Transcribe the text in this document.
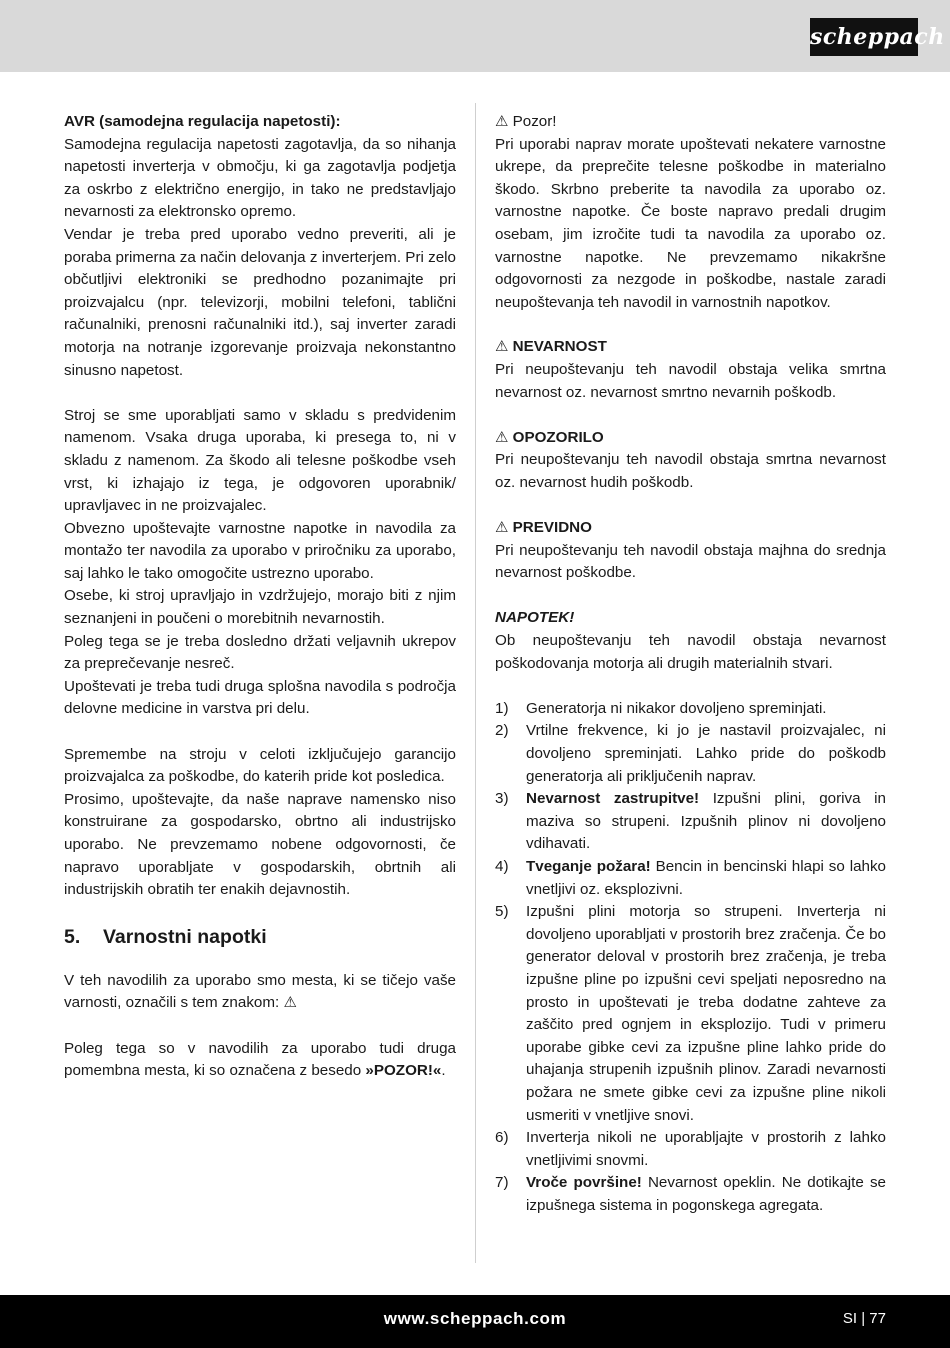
scheppach
AVR (samodejna regulacija napetosti):
Samodejna regulacija napetosti zagotavlja, da so nihanja napetosti inverterja v območju, ki ga zagotavlja podjetja za oskrbo z električno energijo, in tako ne predstavljajo nevarnosti za elektronsko opremo.
Vendar je treba pred uporabo vedno preveriti, ali je poraba primerna za način delovanja z inverterjem. Pri zelo občutljivi elektroniki se predhodno pozanimajte pri proizvajalcu (npr. televizorji, mobilni telefoni, tablični računalniki, prenosni računalniki itd.), saj inverter zaradi motorja na notranje izgorevanje proizvaja nekonstantno sinusno napetost.
Stroj se sme uporabljati samo v skladu s predvidenim namenom. Vsaka druga uporaba, ki presega to, ni v skladu z namenom. Za škodo ali telesne poškodbe vseh vrst, ki izhajajo iz tega, je odgovoren uporabnik/ upravljavec in ne proizvajalec.
Obvezno upoštevajte varnostne napotke in navodila za montažo ter navodila za uporabo v priročniku za uporabo, saj lahko le tako omogočite ustrezno uporabo.
Osebe, ki stroj upravljajo in vzdržujejo, morajo biti z njim seznanjeni in poučeni o morebitnih nevarnostih.
Poleg tega se je treba dosledno držati veljavnih ukrepov za preprečevanje nesreč.
Upoštevati je treba tudi druga splošna navodila s področja delovne medicine in varstva pri delu.
Spremembe na stroju v celoti izključujejo garancijo proizvajalca za poškodbe, do katerih pride kot posledica.
Prosimo, upoštevajte, da naše naprave namensko niso konstruirane za gospodarsko, obrtno ali industrijsko uporabo. Ne prevzemamo nobene odgovornosti, če napravo uporabljate v gospodarskih, obrtnih ali industrijskih obratih ter enakih dejavnostih.
5.	Varnostni napotki
V teh navodilih za uporabo smo mesta, ki se tičejo vaše varnosti, označili s tem znakom: ⚠
Poleg tega so v navodilih za uporabo tudi druga pomembna mesta, ki so označena z besedo »POZOR!«.
⚠ Pozor!
Pri uporabi naprav morate upoštevati nekatere varnostne ukrepe, da preprečite telesne poškodbe in materialno škodo. Skrbno preberite ta navodila za uporabo oz. varnostne napotke. Če boste napravo predali drugim osebam, jim izročite tudi ta navodila za uporabo oz. varnostne napotke. Ne prevzemamo nikakršne odgovornosti za nezgode in poškodbe, nastale zaradi neupoštevanja teh navodil in varnostnih napotkov.
⚠ NEVARNOST
Pri neupoštevanju teh navodil obstaja velika smrtna nevarnost oz. nevarnost smrtno nevarnih poškodb.
⚠ OPOZORILO
Pri neupoštevanju teh navodil obstaja smrtna nevarnost oz. nevarnost hudih poškodb.
⚠ PREVIDNO
Pri neupoštevanju teh navodil obstaja majhna do srednja nevarnost poškodbe.
NAPOTEK!
Ob neupoštevanju teh navodil obstaja nevarnost poškodovanja motorja ali drugih materialnih stvari.
1)	Generatorja ni nikakor dovoljeno spreminjati.
2)	Vrtilne frekvence, ki jo je nastavil proizvajalec, ni dovoljeno spreminjati. Lahko pride do poškodb generatorja ali priključenih naprav.
3)	Nevarnost zastrupitve! Izpušni plini, goriva in maziva so strupeni. Izpušnih plinov ni dovoljeno vdihavati.
4)	Tveganje požara! Bencin in bencinski hlapi so lahko vnetljivi oz. eksplozivni.
5)	Izpušni plini motorja so strupeni. Inverterja ni dovoljeno uporabljati v prostorih brez zračenja. Če bo generator deloval v prostorih brez zračenja, je treba izpušne pline po izpušni cevi speljati neposredno na prosto in upoštevati je treba dodatne zahteve za zaščito pred ognjem in eksplozijo. Tudi v primeru uporabe gibke cevi za izpušne pline lahko pride do uhajanja strupenih izpušnih plinov. Zaradi nevarnosti požara ne smete gibke cevi za izpušne pline nikoli usmeriti v vnetljive snovi.
6)	Inverterja nikoli ne uporabljajte v prostorih z lahko vnetljivimi snovmi.
7)	Vroče površine! Nevarnost opeklin. Ne dotikajte se izpušnega sistema in pogonskega agregata.
www.scheppach.com	SI | 77
